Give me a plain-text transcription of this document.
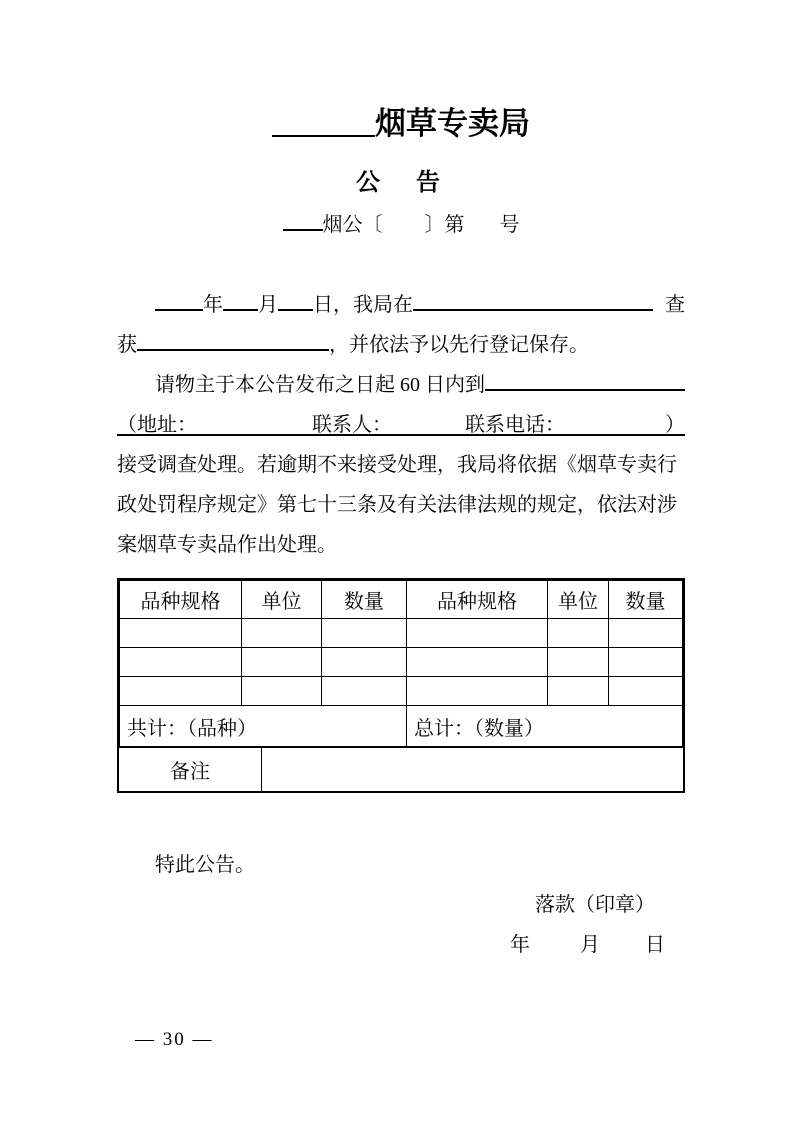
烟草专卖局
公　告
烟公 〔 〕 第 号
年 月 日 ，我局在	查
获	，并依法予以先行登记保存。
请物主于本公告发布之日起 60 日内到
（地址：	联系人：	联系电话：	）
接受调查处理。若逾期不来接受处理，我局将依据《烟草专卖行
政处罚程序规定》第七十三条及有关法律法规的规定，依法对涉
案烟草专卖品作出处理。
品种规格	单位	数量	品种规格	单位	数量

共计：（品种）			总计：（数量）		
备注
特此公告。
落款（印章）
年	月 日
— 30 —
